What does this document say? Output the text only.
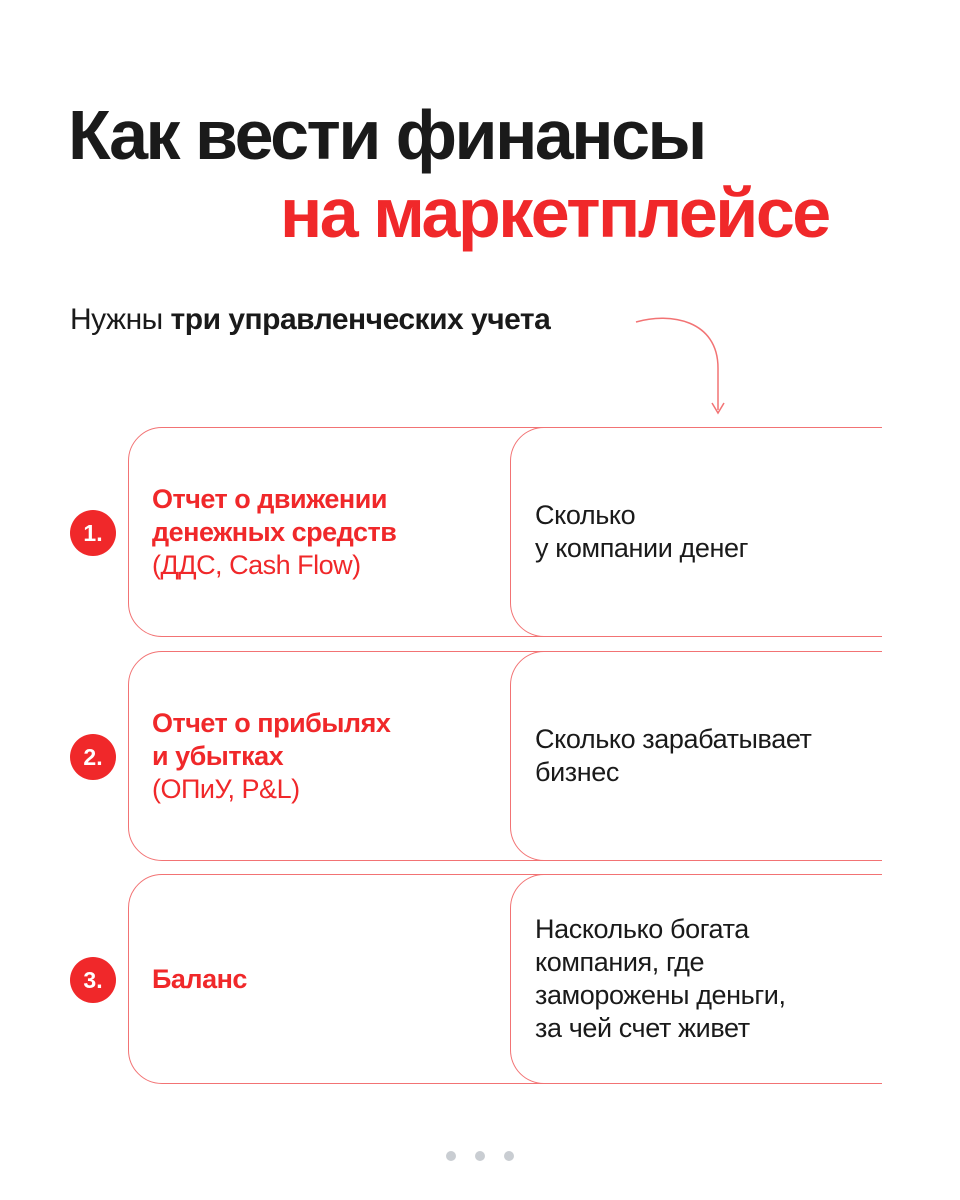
Как вести финансы
на маркетплейсе
Нужны три управленческих учета
1.
Отчет о движении
денежных средств
(ДДС, Cash Flow)
Сколько
у компании денег
2.
Отчет о прибылях
и убытках
(ОПиУ, P&L)
Сколько зарабатывает
бизнес
3.	Баланс
Насколько богата
компания, где
заморожены деньги,
за чей счет живет
